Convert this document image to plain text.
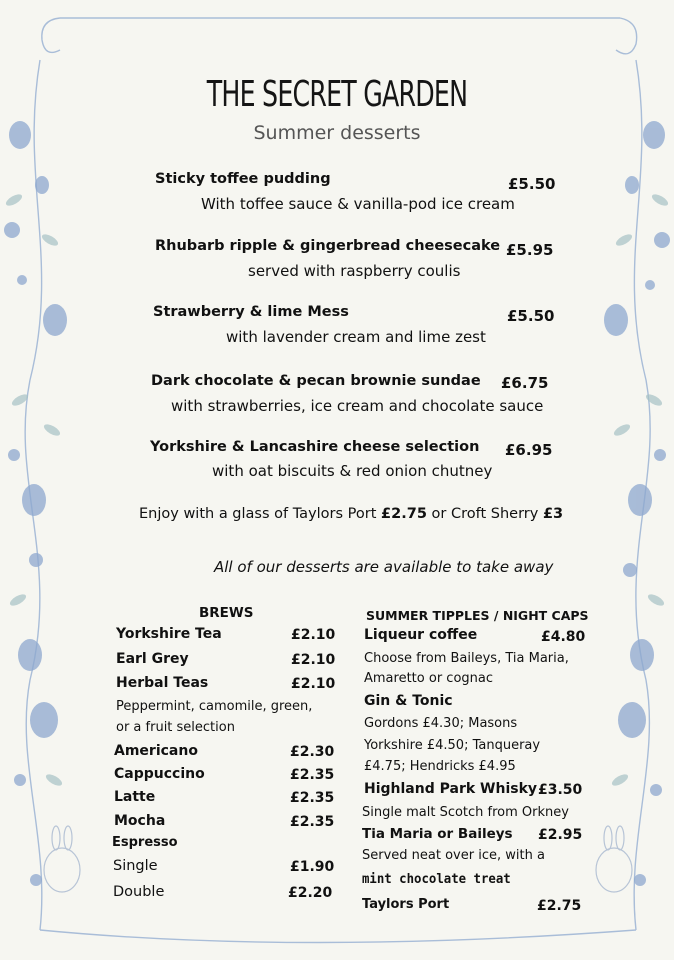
THE SECRET GARDEN
Summer desserts
Sticky toffee pudding	£5.50
With toffee sauce & vanilla-pod ice cream
Rhubarb ripple & gingerbread cheesecake £5.95
served with raspberry coulis
Strawberry & lime Mess	£5.50
with lavender cream and lime zest
Dark chocolate & pecan brownie sundae £6.75
with strawberries, ice cream and chocolate sauce
Yorkshire & Lancashire cheese selection £6.95
with oat biscuits & red onion chutney
Enjoy with a glass of Taylors Port £2.75 or Croft Sherry £3
All of our desserts are available to take away
BREWS
Yorkshire Tea	£2.10
Earl Grey	£2.10
Herbal Teas	£2.10
Peppermint, camomile, green,
or a fruit selection
Americano	£2.30
Cappuccino	£2.35
Latte	£2.35
Mocha	£2.35
Espresso
Single	£1.90
Double	£2.20
SUMMER TIPPLES / NIGHT CAPS
Liqueur coffee	£4.80
Choose from Baileys, Tia Maria,
Amaretto or cognac
Gin & Tonic
Gordons £4.30; Masons
Yorkshire £4.50; Tanqueray
£4.75; Hendricks £4.95
Highland Park Whisky £3.50
Single malt Scotch from Orkney
Tia Maria or Baileys £2.95
Served neat over ice, with a
mint chocolate treat
Taylors Port	£2.75
